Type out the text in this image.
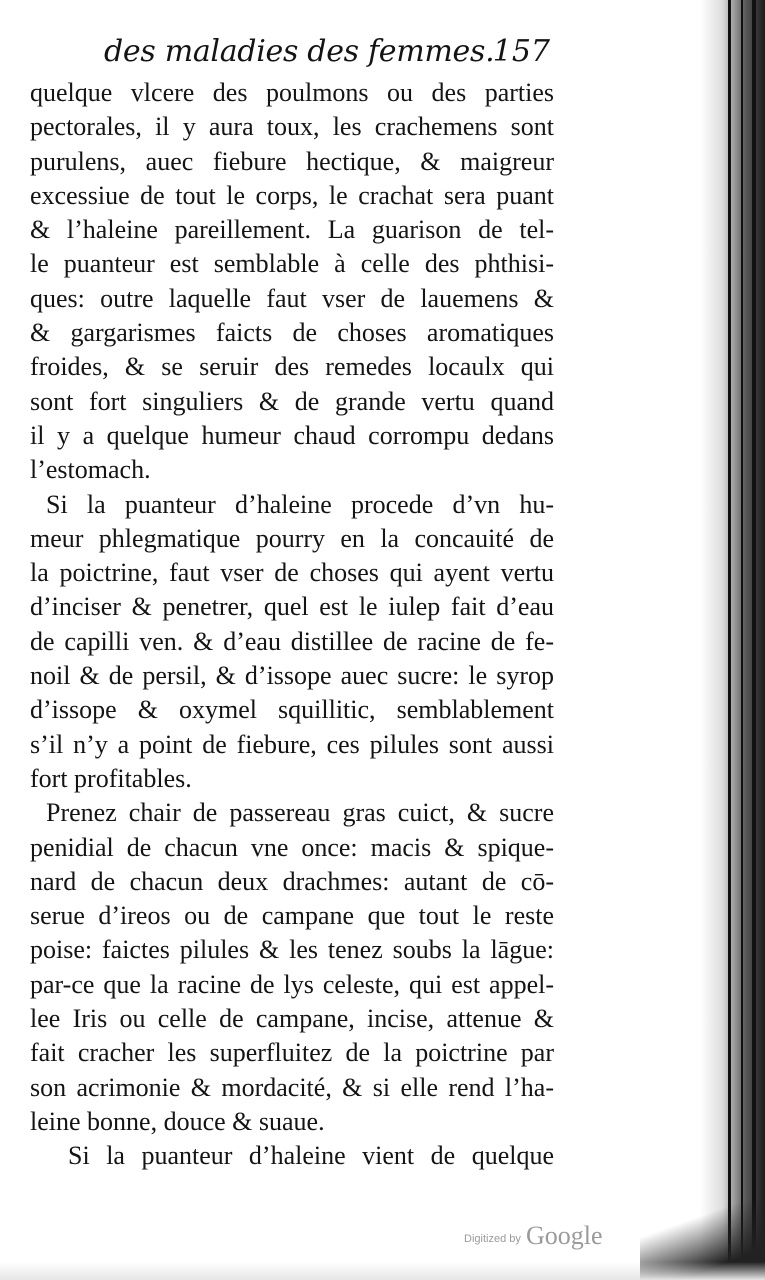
des maladies des femmes.
157
quelque vlcere des poulmons ou des parties
pectorales, il y aura toux, les crachemens sont
purulens, auec fiebure hectique, & maigreur
excessiue de tout le corps, le crachat sera puant
& l’haleine pareillement. La guarison de tel-
le puanteur est semblable à celle des phthisi-
ques: outre laquelle faut vser de lauemens &
& gargarismes faicts de choses aromatiques
froides, & se seruir des remedes locaulx qui
sont fort singuliers & de grande vertu quand
il y a quelque humeur chaud corrompu dedans
l’estomach.
Si la puanteur d’haleine procede d’vn hu-
meur phlegmatique pourry en la concauité de
la poictrine, faut vser de choses qui ayent vertu
d’inciser & penetrer, quel est le iulep fait d’eau
de capilli ven. & d’eau distillee de racine de fe-
noil & de persil, & d’issope auec sucre: le syrop
d’issope & oxymel squillitic, semblablement
s’il n’y a point de fiebure, ces pilules sont aussi
fort profitables.
Prenez chair de passereau gras cuict, & sucre
penidial de chacun vne once: macis & spique-
nard de chacun deux drachmes: autant de cō-
serue d’ireos ou de campane que tout le reste
poise: faictes pilules & les tenez soubs la lāgue:
par-ce que la racine de lys celeste, qui est appel-
lee Iris ou celle de campane, incise, attenue &
fait cracher les superfluitez de la poictrine par
son acrimonie & mordacité, & si elle rend l’ha-
leine bonne, douce & suaue.
Si la puanteur d’haleine vient de quelque
Digitized by Google
